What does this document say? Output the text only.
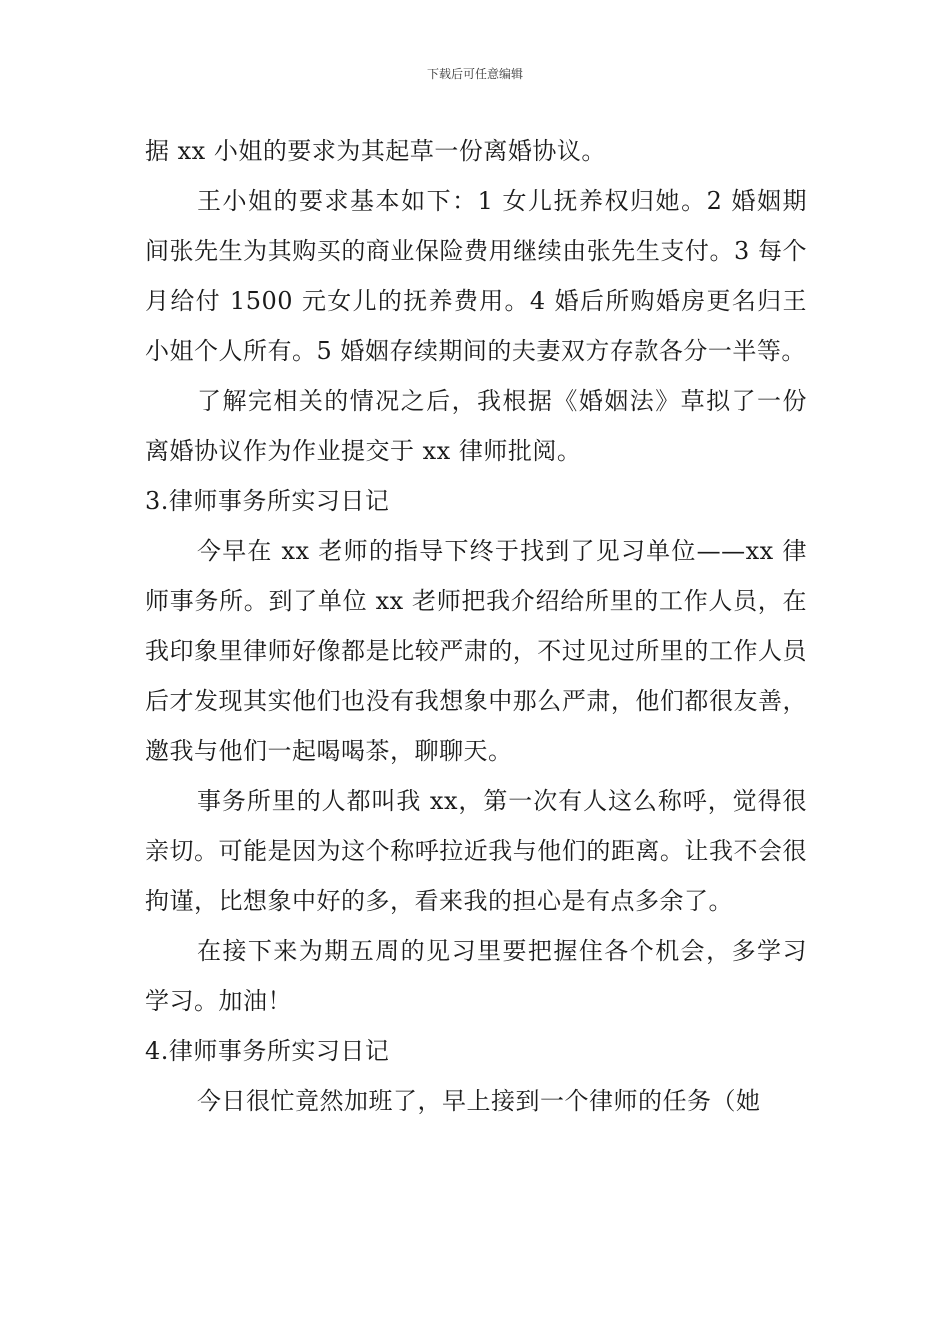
下载后可任意编辑

据 xx 小姐的要求为其起草一份离婚协议。

王小姐的要求基本如下：1 女儿抚养权归她。2 婚姻期间张先生为其购买的商业保险费用继续由张先生支付。3 每个月给付 1500 元女儿的抚养费用。4 婚后所购婚房更名归王小姐个人所有。5 婚姻存续期间的夫妻双方存款各分一半等。

了解完相关的情况之后，我根据《婚姻法》草拟了一份离婚协议作为作业提交于 xx 律师批阅。

3.律师事务所实习日记

今早在 xx 老师的指导下终于找到了见习单位——xx 律师事务所。到了单位 xx 老师把我介绍给所里的工作人员，在我印象里律师好像都是比较严肃的，不过见过所里的工作人员后才发现其实他们也没有我想象中那么严肃，他们都很友善，邀我与他们一起喝喝茶，聊聊天。

事务所里的人都叫我 xx，第一次有人这么称呼，觉得很亲切。可能是因为这个称呼拉近我与他们的距离。让我不会很拘谨，比想象中好的多，看来我的担心是有点多余了。

在接下来为期五周的见习里要把握住各个机会，多学习学习。加油！

4.律师事务所实习日记

今日很忙竟然加班了，早上接到一个律师的任务（她
